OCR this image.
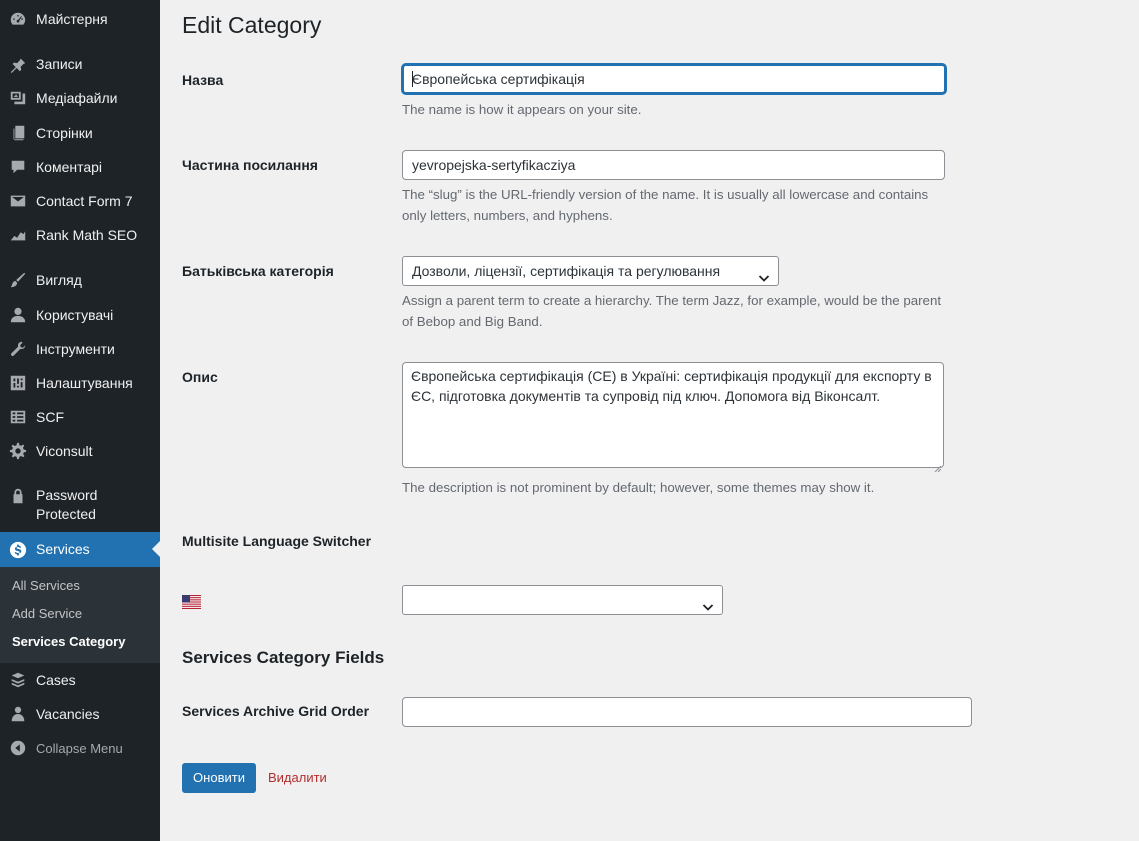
Майстерня
Записи
Медіафайли
Сторінки
Коментарі
Contact Form 7
Rank Math SEO
Вигляд
Користувачі
Інструменти
Налаштування
SCF
Viconsult
Password
Protected
Services
All Services
Add Service
Services Category
Cases
Vacancies
Collapse Menu
Edit Category
Назва	Європейська сертифікація

The name is how it appears on your site.

Частина посилання	yevropejska-sertyfikacziya

The “slug” is the URL-friendly version of the name. It is usually all lowercase and contains only letters, numbers, and hyphens.

Батьківська категорія	Дозволи, ліцензії, сертифікація та регулювання

Assign a parent term to create a hierarchy. The term Jazz, for example, would be the parent of Bebop and Big Band.

Опис	Європейська сертифікація (CE) в Україні: сертифікація продукції для експорту в ЄС, підготовка документів та супровід під ключ. Допомога від Віконсалт.

The description is not prominent by default; however, some themes may show it.

Multisite Language Switcher
Services Category Fields
Services Archive Grid Order
Оновити	Видалити
